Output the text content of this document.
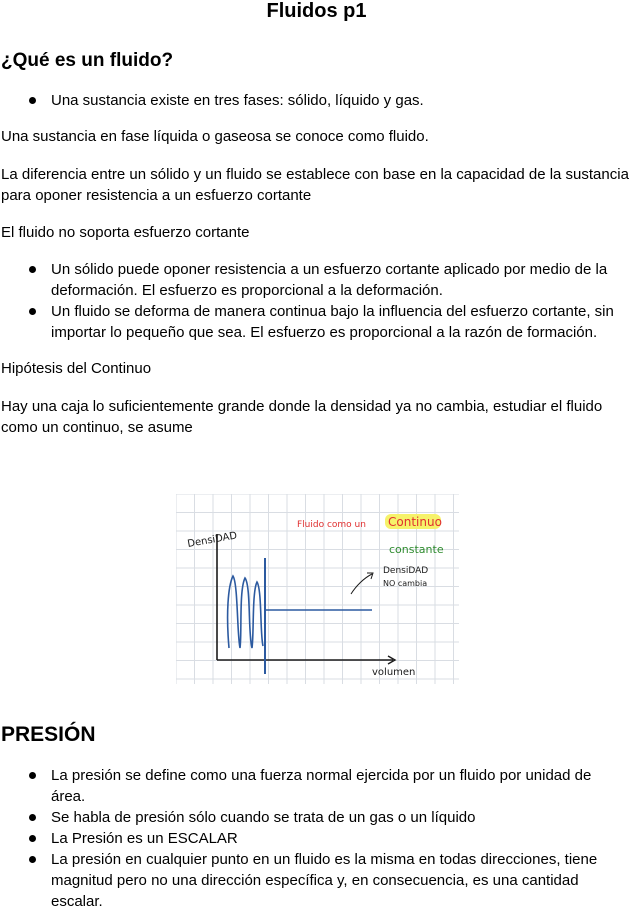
Fluidos p1
¿Qué es un fluido?
Una sustancia existe en tres fases: sólido, líquido y gas.

Una sustancia en fase líquida o gaseosa se conoce como fluido.

La diferencia entre un sólido y un fluido se establece con base en la capacidad de la sustancia para oponer resistencia a un esfuerzo cortante

El fluido no soporta esfuerzo cortante

Un sólido puede oponer resistencia a un esfuerzo cortante aplicado por medio de la deformación. El esfuerzo es proporcional a la deformación.
Un fluido se deforma de manera continua bajo la influencia del esfuerzo cortante, sin importar lo pequeño que sea. El esfuerzo es proporcional a la razón de formación.

Hipótesis del Continuo

Hay una caja lo suficientemente grande donde la densidad ya no cambia, estudiar el fluido como un continuo, se asume

DensiDAD
Fluido como un Continuo
constante
DensiDAD
NO cambia
volumen
PRESIÓN
La presión se define como una fuerza normal ejercida por un fluido por unidad de área.
Se habla de presión sólo cuando se trata de un gas o un líquido
La Presión es un ESCALAR
La presión en cualquier punto en un fluido es la misma en todas direcciones, tiene magnitud pero no una dirección específica y, en consecuencia, es una cantidad escalar.
